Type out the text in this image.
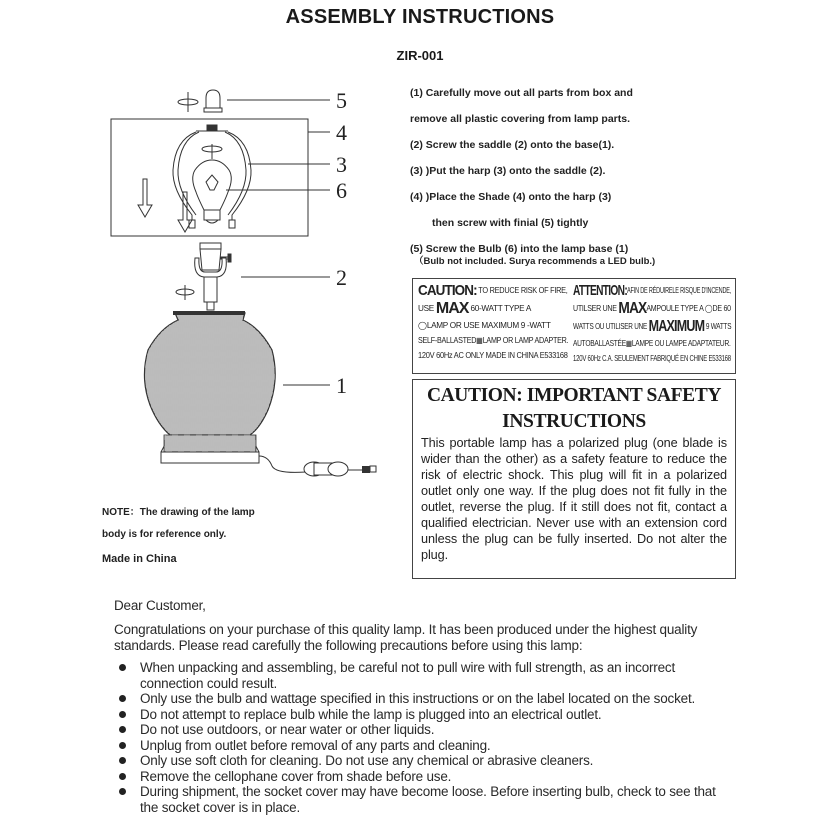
ASSEMBLY INSTRUCTIONS
ZIR-001
5
4
3
6
2
1
(1) Carefully move out all parts from box and
remove all plastic covering from lamp parts.
(2) Screw the saddle (2) onto the base(1).
(3) )Put the harp (3) onto the saddle (2).
(4) )Place the Shade (4) onto the harp (3)
then screw with finial (5) tightly
(5) Screw the Bulb (6) into the lamp base (1)
（Bulb not included. Surya recommends a LED bulb.)
CAUTION: TO REDUCE RISK OF FIRE,
USE MAX 60-WATT TYPE A
◯LAMP OR USE MAXIMUM 9 -WATT
SELF-BALLASTED▦LAMP OR LAMP ADAPTER.
120V 60Hz AC ONLY MADE IN CHINA E533168
ATTENTION:AFIN DE RÉDUIRELE RISQUE D'INCENDE,
UTILSER UNE MAXAMPOULE TYPE A ◯DE 60
WATTS OU UTILISER UNE MAXIMUM 9 WATTS
AUTOBALLASTÉE▦LAMPE OU LAMPE ADAPTATEUR.
120V 60Hz C.A. SEULEMENT FABRIQUÉ EN CHINE E533168
CAUTION: IMPORTANT SAFETY
INSTRUCTIONS
This portable lamp has a polarized plug (one blade is wider than the other) as a safety feature to reduce the risk of electric shock. This plug will fit in a polarized outlet only one way. If the plug does not fit fully in the outlet, reverse the plug. If it still does not fit, contact a qualified electrician. Never use with an extension cord unless the plug can be fully inserted. Do not alter the plug.
NOTE：The drawing of the lamp
body is for reference only.
Made in China
Dear Customer,
Congratulations on your purchase of this quality lamp. It has been produced under the highest quality standards. Please read carefully the following precautions before using this lamp:
When unpacking and assembling, be careful not to pull wire with full strength, as an incorrect connection could result.
Only use the bulb and wattage specified in this instructions or on the label located on the socket.
Do not attempt to replace bulb while the lamp is plugged into an electrical outlet.
Do not use outdoors, or near water or other liquids.
Unplug from outlet before removal of any parts and cleaning.
Only use soft cloth for cleaning. Do not use any chemical or abrasive cleaners.
Remove the cellophane cover from shade before use.
During shipment, the socket cover may have become loose. Before inserting bulb, check to see that the socket cover is in place.
